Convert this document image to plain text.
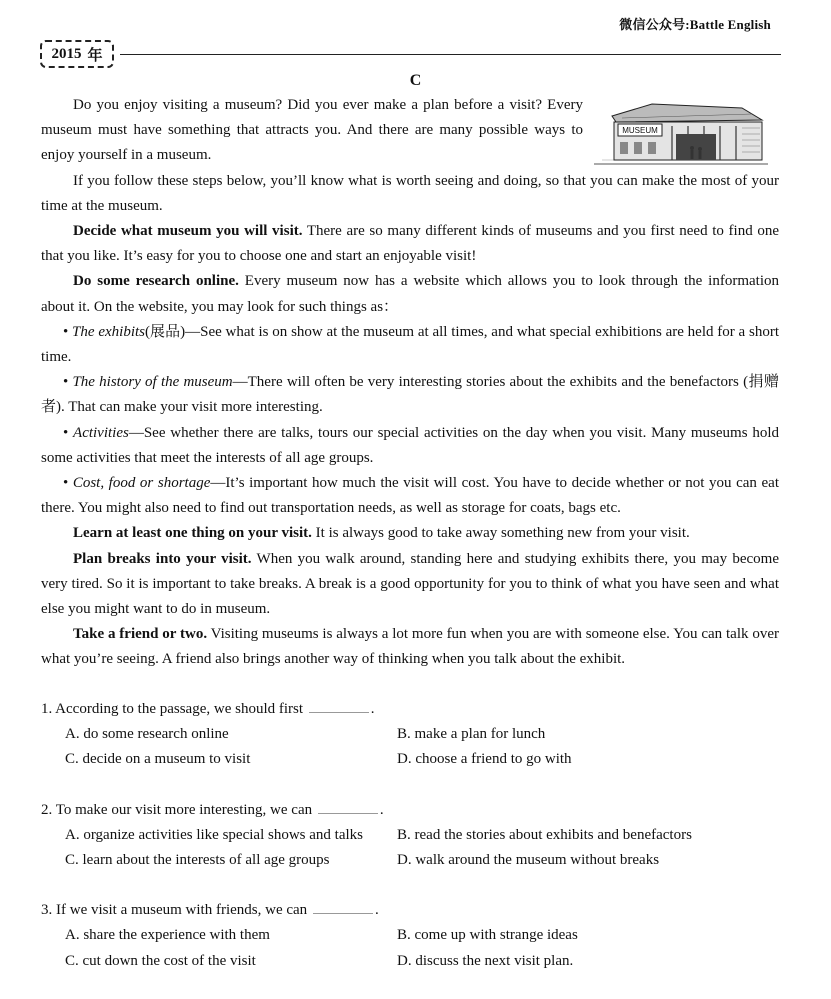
微信公众号:Battle English
2015 年
C
MUSEUM

Do you enjoy visiting a museum? Did you ever make a plan before a visit? Every museum must have something that attracts you. And there are many possible ways to enjoy yourself in a museum.

If you follow these steps below, you’ll know what is worth seeing and doing, so that you can make the most of your time at the museum.

Decide what museum you will visit. There are so many different kinds of museums and you first need to find one that you like. It’s easy for you to choose one and start an enjoyable visit!

Do some research online. Every museum now has a website which allows you to look through the information about it. On the website, you may look for such things as：

• The exhibits(展品)—See what is on show at the museum at all times, and what special exhibitions are held for a short time.

• The history of the museum—There will often be very interesting stories about the exhibits and the benefactors (捐赠者). That can make your visit more interesting.

• Activities—See whether there are talks, tours our special activities on the day when you visit. Many museums hold some activities that meet the interests of all age groups.

• Cost, food or shortage—It’s important how much the visit will cost. You have to decide whether or not you can eat there. You might also need to find out transportation needs, as well as storage for coats, bags etc.

Learn at least one thing on your visit. It is always good to take away something new from your visit.

Plan breaks into your visit. When you walk around, standing here and studying exhibits there, you may become very tired. So it is important to take breaks. A break is a good opportunity for you to think of what you have seen and what else you might want to do in museum.

Take a friend or two. Visiting museums is always a lot more fun when you are with someone else. You can talk over what you’re seeing. A friend also brings another way of thinking when you talk about the exhibit.

1. According to the passage, we should first	.

A. do some research online	B. make a plan for lunch
C. decide on a museum to visit	D. choose a friend to go with

2. To make our visit more interesting, we can	.

A. organize activities like special shows and talks	B. read the stories about exhibits and benefactors
C. learn about the interests of all age groups	D. walk around the museum without breaks

3. If we visit a museum with friends, we can	.

A. share the experience with them	B. come up with strange ideas
C. cut down the cost of the visit	D. discuss the next visit plan.
